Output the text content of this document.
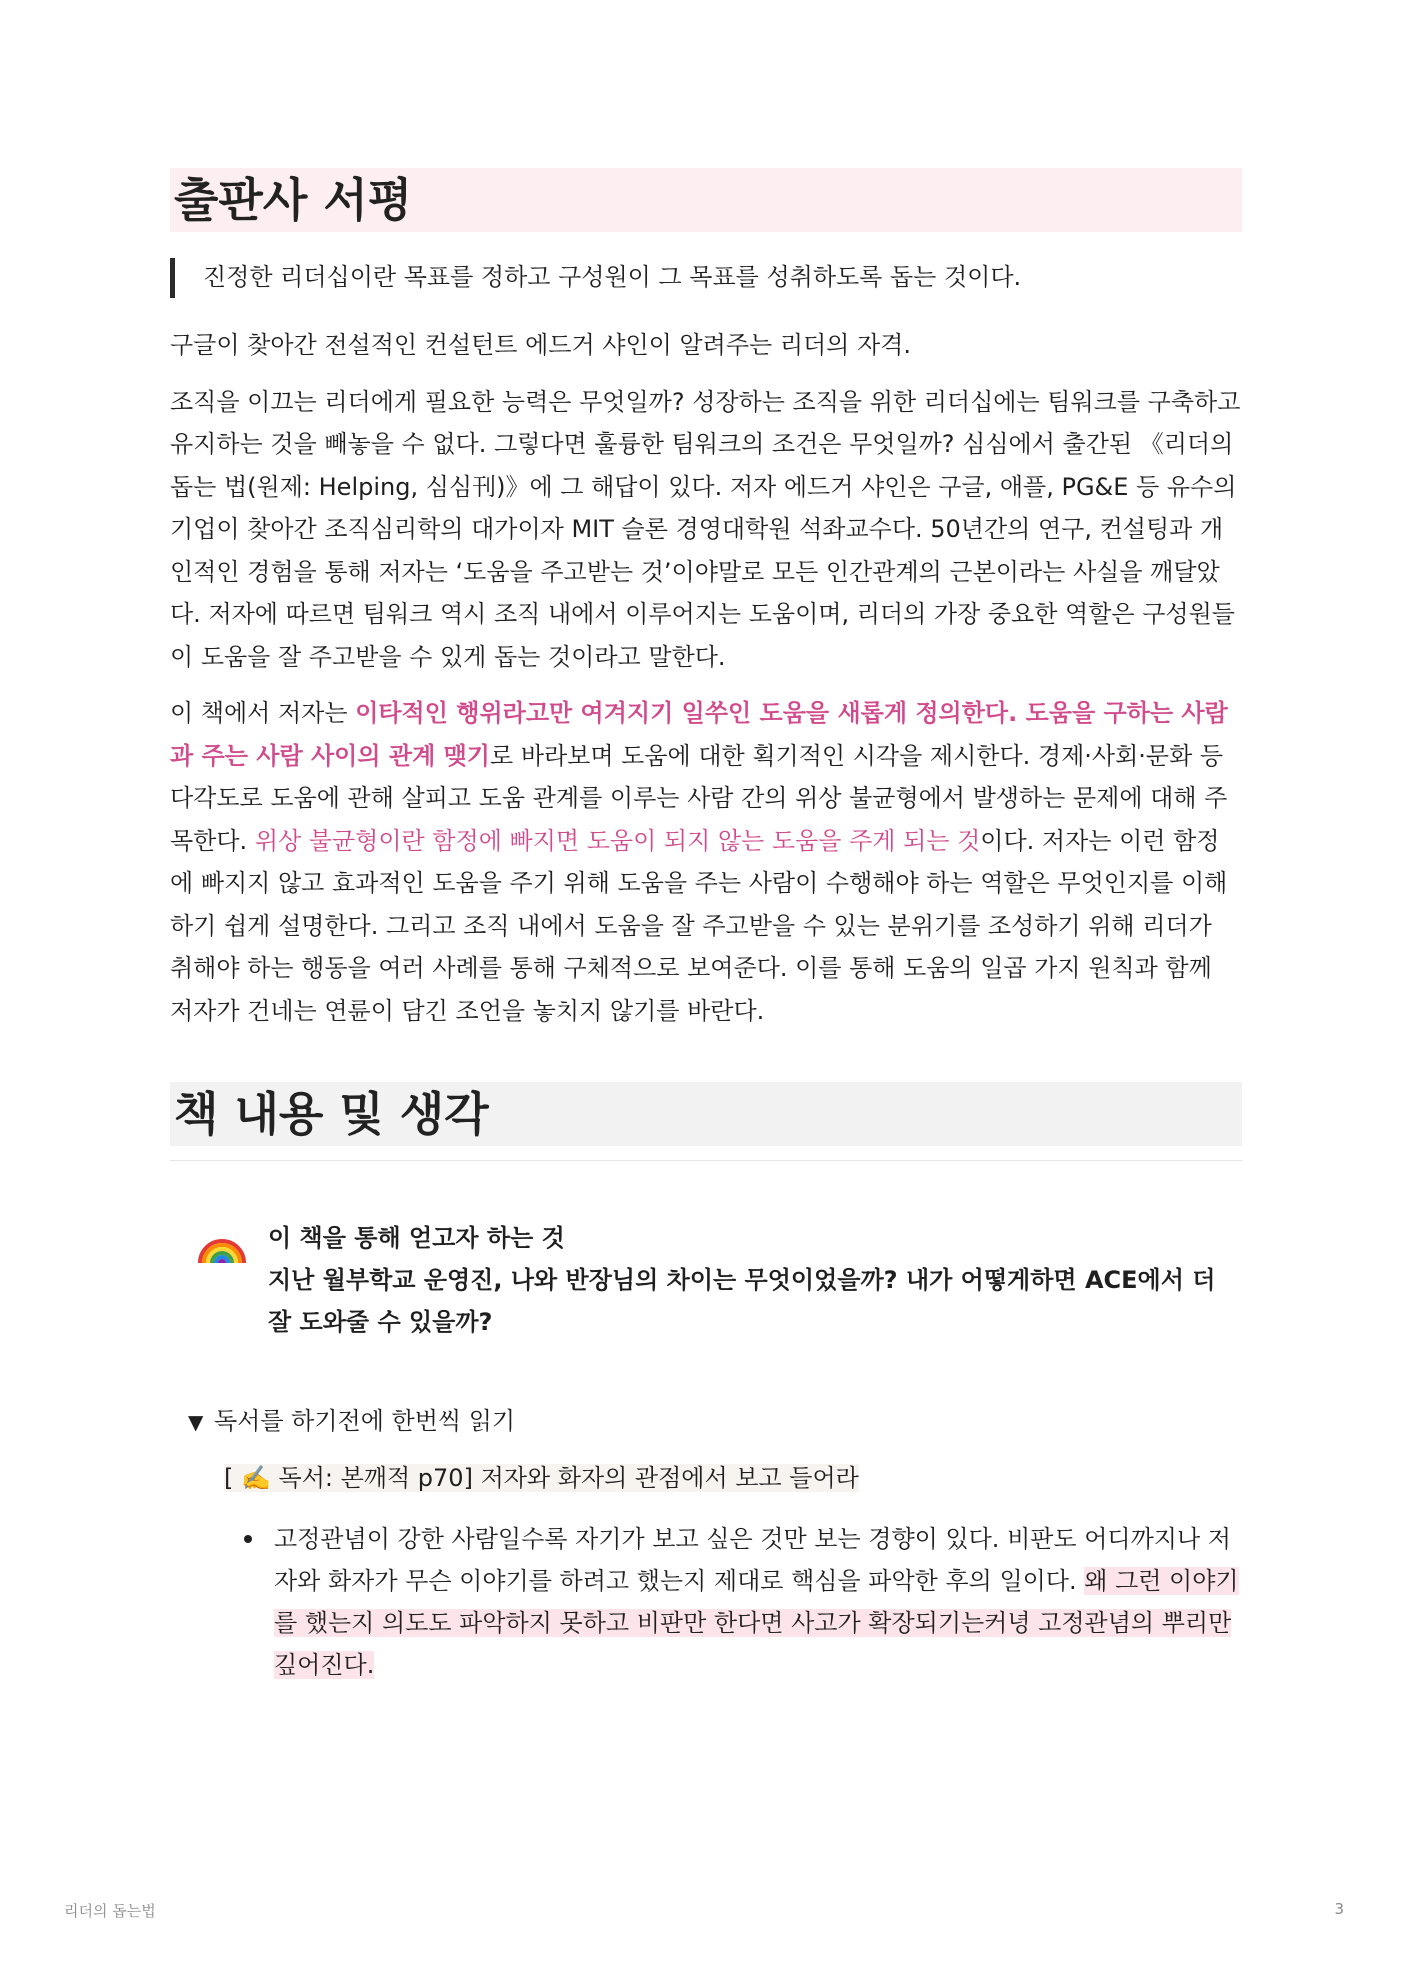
출판사 서평
진정한 리더십이란 목표를 정하고 구성원이 그 목표를 성취하도록 돕는 것이다.
구글이 찾아간 전설적인 컨설턴트 에드거 샤인이 알려주는 리더의 자격.
조직을 이끄는 리더에게 필요한 능력은 무엇일까? 성장하는 조직을 위한 리더십에는 팀워크를 구축하고 유지하는 것을 빼놓을 수 없다. 그렇다면 훌륭한 팀워크의 조건은 무엇일까? 심심에서 출간된 《리더의 돕는 법(원제: Helping, 심심刊)》에 그 해답이 있다. 저자 에드거 샤인은 구글, 애플, PG&E 등 유수의 기업이 찾아간 조직심리학의 대가이자 MIT 슬론 경영대학원 석좌교수다. 50년간의 연구, 컨설팅과 개인적인 경험을 통해 저자는 ‘도움을 주고받는 것’이야말로 모든 인간관계의 근본이라는 사실을 깨달았다. 저자에 따르면 팀워크 역시 조직 내에서 이루어지는 도움이며, 리더의 가장 중요한 역할은 구성원들이 도움을 잘 주고받을 수 있게 돕는 것이라고 말한다.
이 책에서 저자는 이타적인 행위라고만 여겨지기 일쑤인 도움을 새롭게 정의한다. 도움을 구하는 사람과 주는 사람 사이의 관계 맺기로 바라보며 도움에 대한 획기적인 시각을 제시한다. 경제·사회·문화 등 다각도로 도움에 관해 살피고 도움 관계를 이루는 사람 간의 위상 불균형에서 발생하는 문제에 대해 주목한다. 위상 불균형이란 함정에 빠지면 도움이 되지 않는 도움을 주게 되는 것이다. 저자는 이런 함정에 빠지지 않고 효과적인 도움을 주기 위해 도움을 주는 사람이 수행해야 하는 역할은 무엇인지를 이해하기 쉽게 설명한다. 그리고 조직 내에서 도움을 잘 주고받을 수 있는 분위기를 조성하기 위해 리더가 취해야 하는 행동을 여러 사례를 통해 구체적으로 보여준다. 이를 통해 도움의 일곱 가지 원칙과 함께 저자가 건네는 연륜이 담긴 조언을 놓치지 않기를 바란다.
책 내용 및 생각
이 책을 통해 얻고자 하는 것
지난 월부학교 운영진, 나와 반장님의 차이는 무엇이었을까? 내가 어떻게하면 ACE에서 더 잘 도와줄 수 있을까?
▼ 독서를 하기전에 한번씩 읽기
[ ✍️ 독서: 본깨적 p70] 저자와 화자의 관점에서 보고 들어라
고정관념이 강한 사람일수록 자기가 보고 싶은 것만 보는 경향이 있다. 비판도 어디까지나 저자와 화자가 무슨 이야기를 하려고 했는지 제대로 핵심을 파악한 후의 일이다. 왜 그런 이야기를 했는지 의도도 파악하지 못하고 비판만 한다면 사고가 확장되기는커녕 고정관념의 뿌리만 깊어진다.
리더의 돕는법	3
